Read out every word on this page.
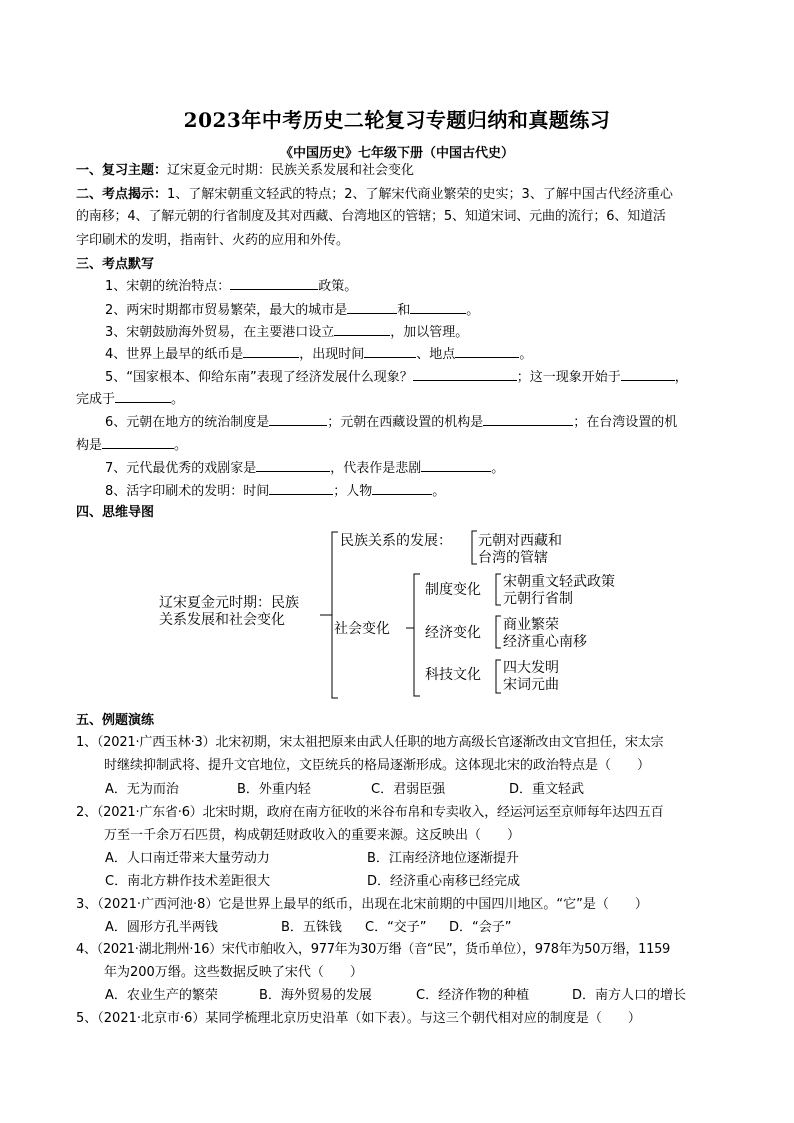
2023年中考历史二轮复习专题归纳和真题练习
《中国历史》七年级下册（中国古代史）
一、复习主题：辽宋夏金元时期：民族关系发展和社会变化
二、考点揭示：1、了解宋朝重文轻武的特点；2、了解宋代商业繁荣的史实；3、了解中国古代经济重心
的南移；4、了解元朝的行省制度及其对西藏、台湾地区的管辖；5、知道宋词、元曲的流行；6、知道活
字印刷术的发明，指南针、火药的应用和外传。
三、考点默写
1、宋朝的统治特点：	政策。
2、两宋时期都市贸易繁荣，最大的城市是	和	。
3、宋朝鼓励海外贸易，在主要港口设立	，加以管理。
4、世界上最早的纸币是	，出现时间	、地点	。
5、“国家根本、仰给东南”表现了经济发展什么现象？	；这一现象开始于	，
完成于	。
6、元朝在地方的统治制度是	；元朝在西藏设置的机构是	；在台湾设置的机
构是	。
7、元代最优秀的戏剧家是	，代表作是悲剧	。
8、活字印刷术的发明：时间	；人物	。
四、思维导图
辽宋夏金元时期：民族
关系发展和社会变化
民族关系的发展： 元朝对西藏和
台湾的管辖
社会变化
制度变化 宋朝重文轻武政策
元朝行省制
经济变化 商业繁荣
经济重心南移
科技文化 四大发明
宋词元曲
五、例题演练
1、（2021·广西玉林·3）北宋初期，宋太祖把原来由武人任职的地方高级长官逐渐改由文官担任，宋太宗
时继续抑制武将、提升文官地位，文臣统兵的格局逐渐形成。这体现北宋的政治特点是（　　）
A．无为而治	B．外重内轻	C．君弱臣强	D．重文轻武
2、（2021·广东省·6）北宋时期，政府在南方征收的米谷布帛和专卖收入，经运河运至京师每年达四五百
万至一千余万石匹贯，构成朝廷财政收入的重要来源。这反映出（　　）
A．人口南迁带来大量劳动力	B．江南经济地位逐渐提升
C．南北方耕作技术差距很大	D．经济重心南移已经完成
3、（2021·广西河池·8）它是世界上最早的纸币，出现在北宋前期的中国四川地区。“它”是（　　）
A．圆形方孔半两钱	B．五铢钱 C．“交子” D．“会子”
4、（2021·湖北荆州·16）宋代市舶收入，977年为30万缗（音“民”，货币单位），978年为50万缗，1159
年为200万缗。这些数据反映了宋代（　　）
A．农业生产的繁荣	B．海外贸易的发展	C．经济作物的种植	D．南方人口的增长
5、（2021·北京市·6）某同学梳理北京历史沿革（如下表）。与这三个朝代相对应的制度是（　　）
